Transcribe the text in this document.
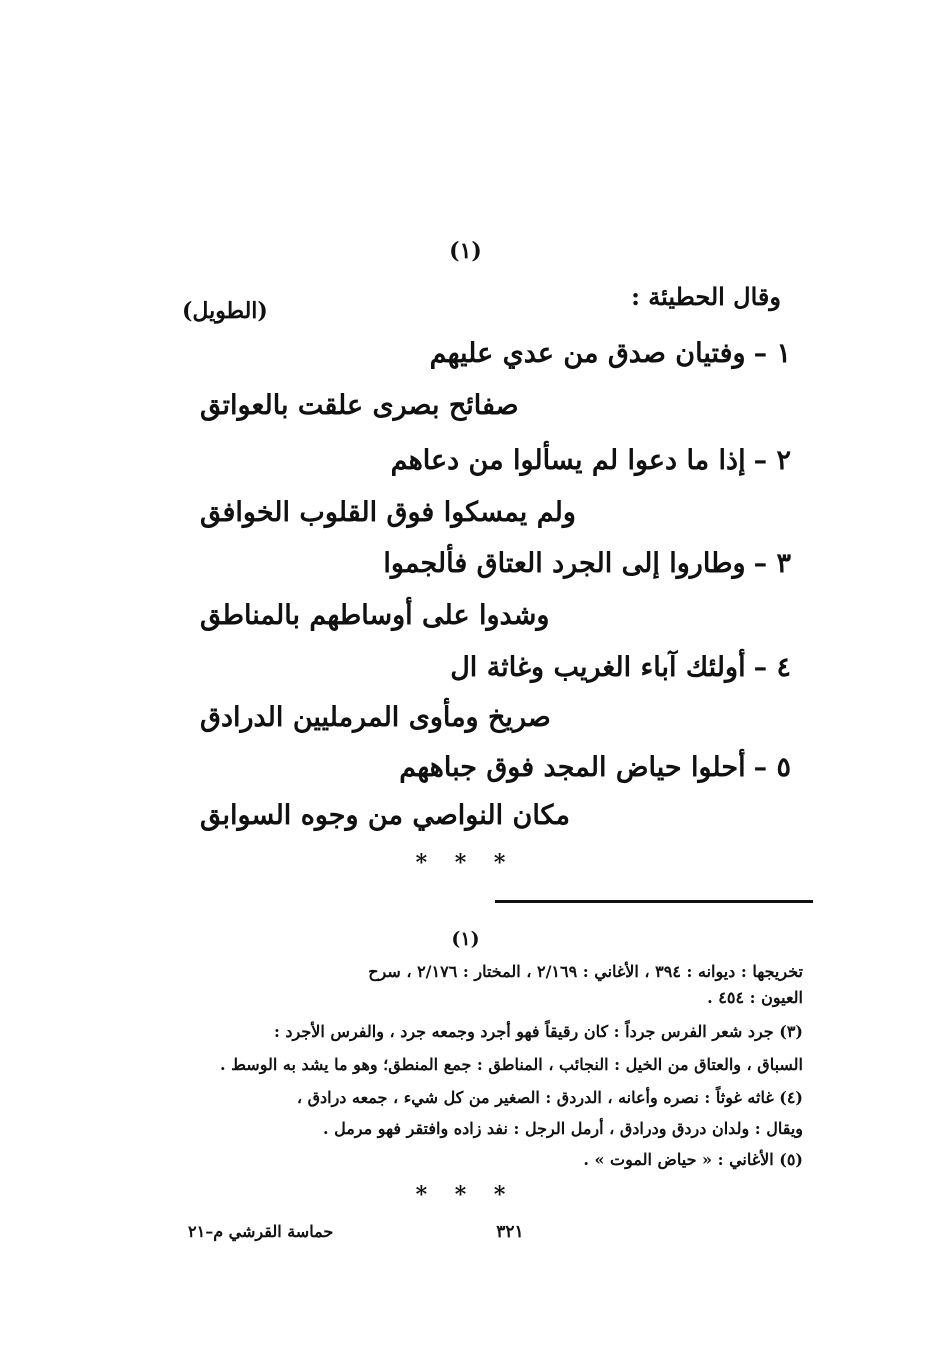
(١)
وقال الحطيئة :
(الطويل)
١ –وفتيان صدق من عدي عليهم
صفائح بصرى علقت بالعواتق
٢ –إذا ما دعوا لم يسألوا من دعاهم
ولم يمسكوا فوق القلوب الخوافق
٣ –وطاروا إلى الجرد العتاق فألجموا
وشدوا على أوساطهم بالمناطق
٤ –أولئك آباء الغريب وغاثة ال
صريخ ومأوى المرمليين الدرادق
٥ –أحلوا حياض المجد فوق جباههم
مكان النواصي من وجوه السوابق
* * *
(١)
تخريجها : ديوانه : ٣٩٤ ، الأغاني : ٢/١٦٩ ، المختار : ٢/١٧٦ ، سرح
العيون : ٤٥٤ .
(٣) جرد شعر الفرس جرداً : كان رقيقاً فهو أجرد وجمعه جرد ، والفرس الأجرد :
السباق ، والعتاق من الخيل : النجائب ، المناطق : جمع المنطق؛ وهو ما يشد به الوسط .
(٤) غاثه غوثاً : نصره وأعانه ، الدردق : الصغير من كل شيء ، جمعه درادق ،
ويقال : ولدان دردق ودرادق ، أرمل الرجل : نفد زاده وافتقر فهو مرمل .
(٥) الأغاني : « حياض الموت » .
* * *
٣٢١
حماسة القرشي م–٢١
